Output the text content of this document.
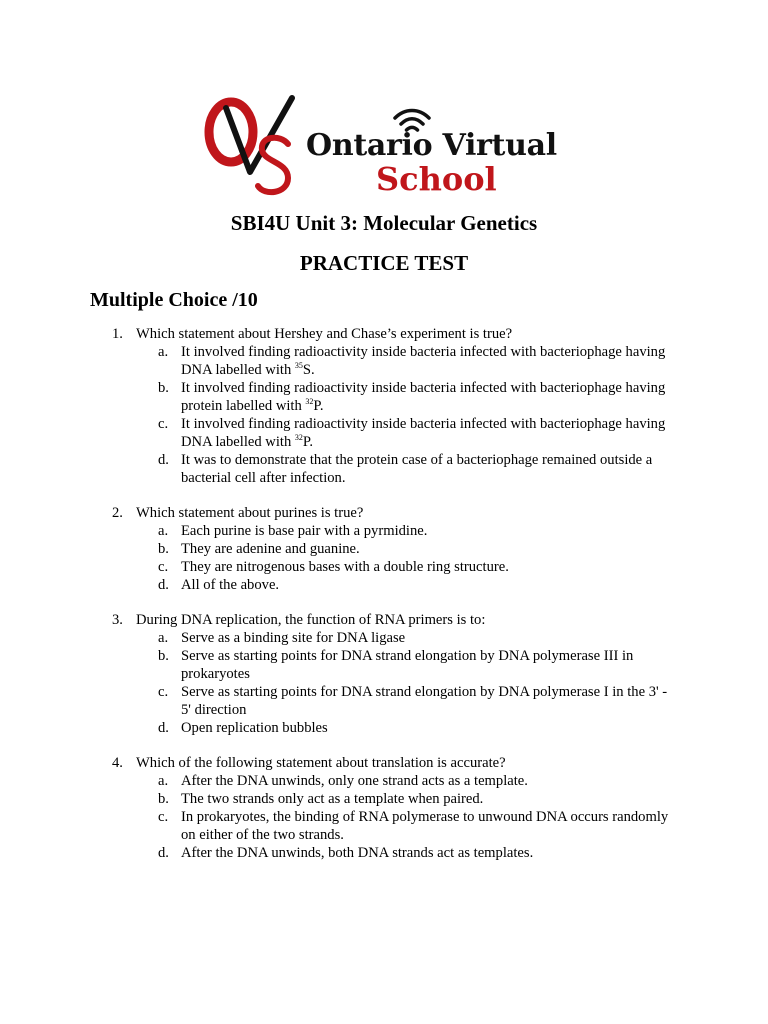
Ontario Virtual
School
SBI4U Unit 3: Molecular Genetics
PRACTICE TEST
Multiple Choice /10
1. Which statement about Hershey and Chase’s experiment is true?
a. It involved finding radioactivity inside bacteria infected with bacteriophage having DNA labelled with $^{35}$S.
b. It involved finding radioactivity inside bacteria infected with bacteriophage having protein labelled with $^{32}$P.
c. It involved finding radioactivity inside bacteria infected with bacteriophage having DNA labelled with $^{32}$P.
d. It was to demonstrate that the protein case of a bacteriophage remained outside a bacterial cell after infection.
2. Which statement about purines is true?
a. Each purine is base pair with a pyrmidine.
b. They are adenine and guanine.
c. They are nitrogenous bases with a double ring structure.
d. All of the above.
3. During DNA replication, the function of RNA primers is to:
a. Serve as a binding site for DNA ligase
b. Serve as starting points for DNA strand elongation by DNA polymerase III in prokaryotes
c. Serve as starting points for DNA strand elongation by DNA polymerase I in the 3' - 5' direction
d. Open replication bubbles
4. Which of the following statement about translation is accurate?
a. After the DNA unwinds, only one strand acts as a template.
b. The two strands only act as a template when paired.
c. In prokaryotes, the binding of RNA polymerase to unwound DNA occurs randomly on either of the two strands.
d. After the DNA unwinds, both DNA strands act as templates.
